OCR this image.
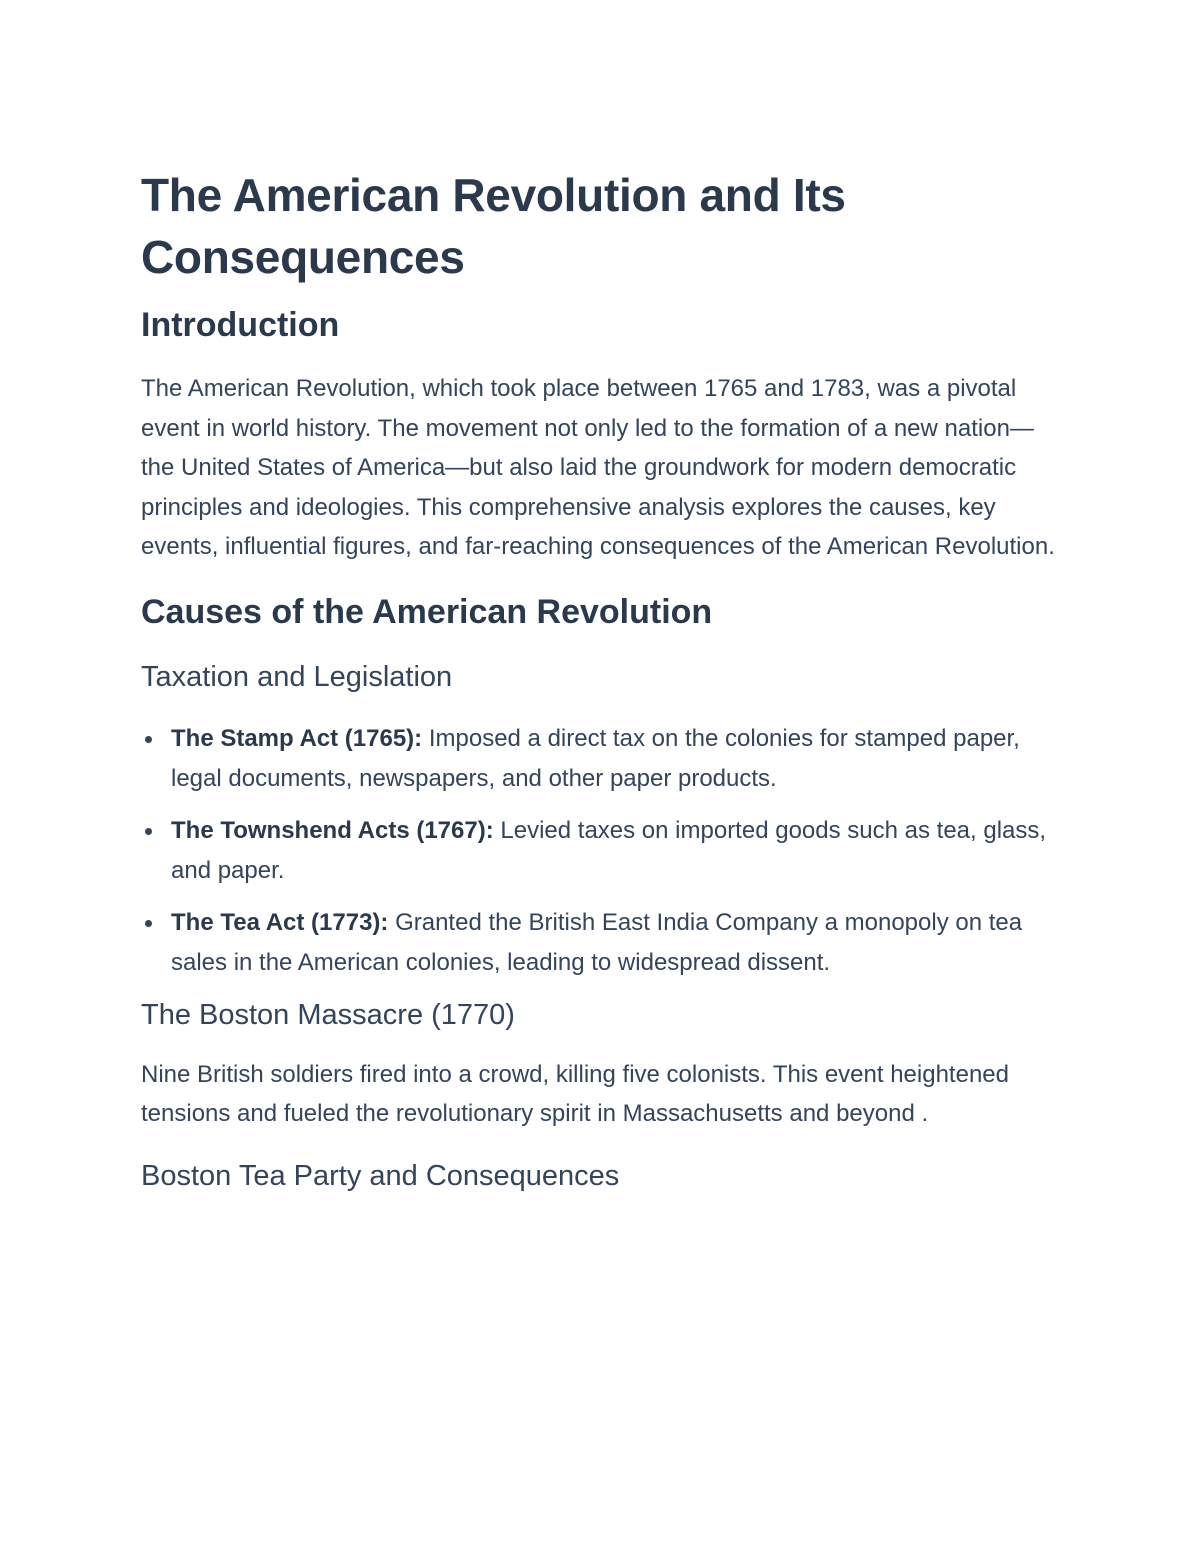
The American Revolution and Its Consequences
Introduction

The American Revolution, which took place between 1765 and 1783, was a pivotal event in world history. The movement not only led to the formation of a new nation—the United States of America—but also laid the groundwork for modern democratic principles and ideologies. This comprehensive analysis explores the causes, key events, influential figures, and far-reaching consequences of the American Revolution.

Causes of the American Revolution
Taxation and Legislation
The Stamp Act (1765): Imposed a direct tax on the colonies for stamped paper, legal documents, newspapers, and other paper products.
The Townshend Acts (1767): Levied taxes on imported goods such as tea, glass, and paper.
The Tea Act (1773): Granted the British East India Company a monopoly on tea sales in the American colonies, leading to widespread dissent.
The Boston Massacre (1770)

Nine British soldiers fired into a crowd, killing five colonists. This event heightened tensions and fueled the revolutionary spirit in Massachusetts and beyond .

Boston Tea Party and Consequences
